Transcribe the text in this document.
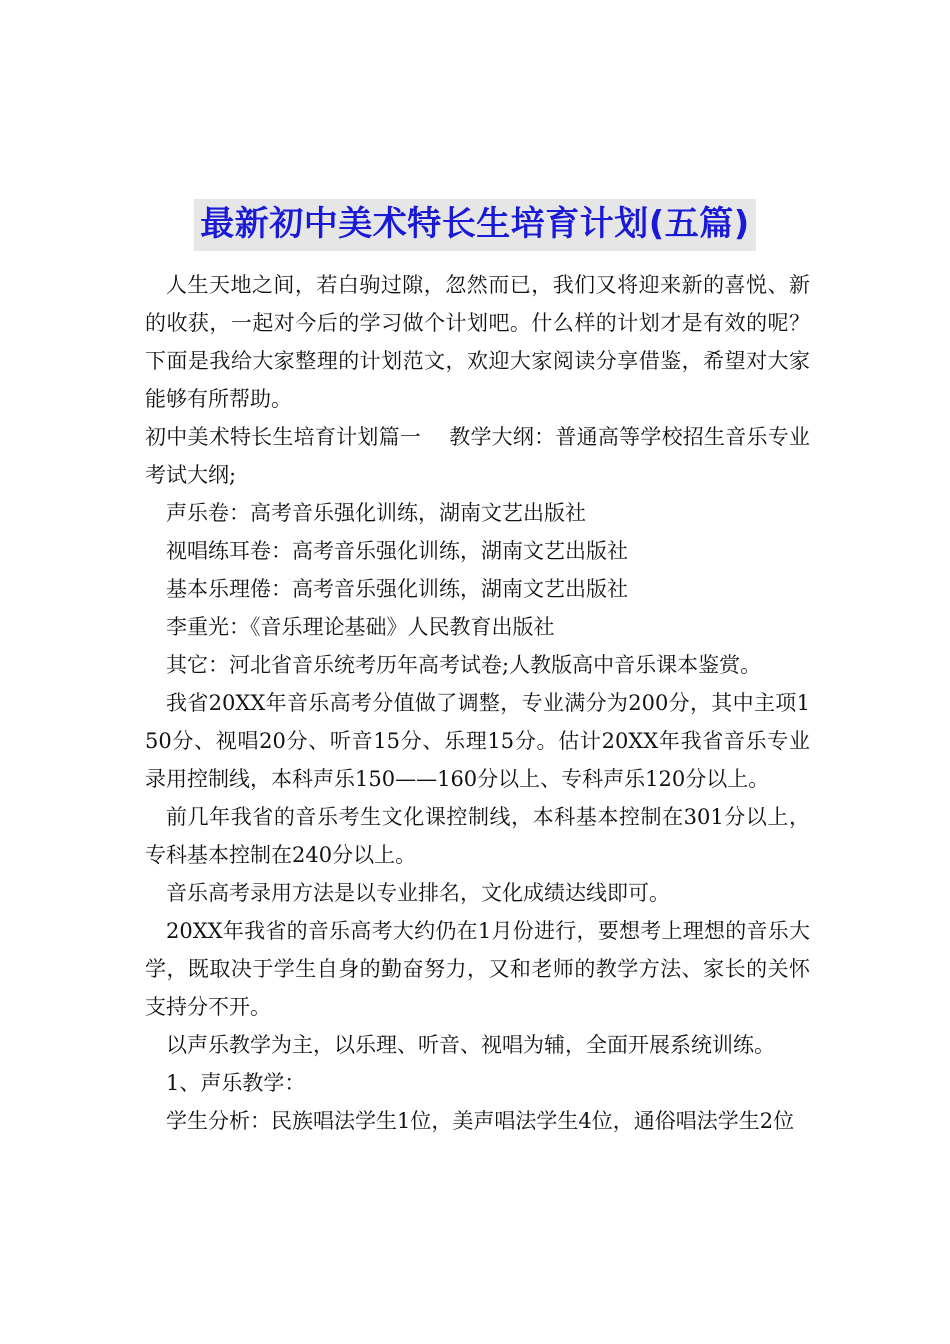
最新初中美术特长生培育计划(五篇)

人生天地之间，若白驹过隙，忽然而已，我们又将迎来新的喜悦、新的收获，一起对今后的学习做个计划吧。什么样的计划才是有效的呢？下面是我给大家整理的计划范文，欢迎大家阅读分享借鉴，希望对大家能够有所帮助。

初中美术特长生培育计划篇一　 教学大纲：普通高等学校招生音乐专业考试大纲;

声乐卷：高考音乐强化训练，湖南文艺出版社

视唱练耳卷：高考音乐强化训练，湖南文艺出版社

基本乐理倦：高考音乐强化训练，湖南文艺出版社

李重光：《音乐理论基础》人民教育出版社

其它：河北省音乐统考历年高考试卷;人教版高中音乐课本鉴赏。

我省20XX年音乐高考分值做了调整，专业满分为200分，其中主项150分、视唱20分、听音15分、乐理15分。估计20XX年我省音乐专业录用控制线，本科声乐150——160分以上、专科声乐120分以上。

前几年我省的音乐考生文化课控制线，本科基本控制在301分以上，专科基本控制在240分以上。

音乐高考录用方法是以专业排名，文化成绩达线即可。

20XX年我省的音乐高考大约仍在1月份进行，要想考上理想的音乐大学，既取决于学生自身的勤奋努力，又和老师的教学方法、家长的关怀支持分不开。

以声乐教学为主，以乐理、听音、视唱为辅，全面开展系统训练。

1、声乐教学：

学生分析：民族唱法学生1位，美声唱法学生4位，通俗唱法学生2位
